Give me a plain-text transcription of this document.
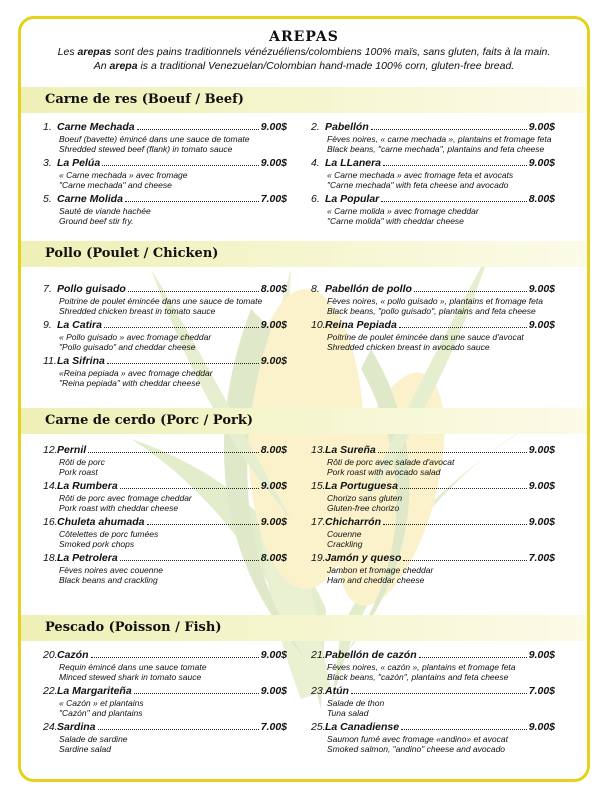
AREPAS
Les arepas sont des pains traditionnels vénézuéliens/colombiens 100% maïs, sans gluten, faits à la main.
An arepa is a traditional Venezuelan/Colombian hand-made 100% corn, gluten-free bread.
Carne de res (Boeuf / Beef)
1. Carne Mechada	9.00$
Boeuf (bavette) émincé dans une sauce de tomate
Shredded stewed beef (flank) in tomato sauce
2. Pabellón	9.00$
Fèves noires, « carne mechada », plantains et fromage feta
Black beans, "carne mechada", plantains and feta cheese
3. La Pelúa	9.00$
« Carne mechada » avec fromage
"Carne mechada" and cheese
4. La LLanera	9.00$
« Carne mechada » avec fromage feta et avocats
"Carne mechada" with feta cheese and avocado
5. Carne Molida	7.00$
Sauté de viande hachée
Ground beef stir fry.
6. La Popular	8.00$
« Carne molida » avec fromage cheddar
"Carne molida" with cheddar cheese
Pollo (Poulet / Chicken)
7. Pollo guisado	8.00$
Poitrine de poulet émincée dans une sauce de tomate
Shredded chicken breast in tomato sauce
8. Pabellón de pollo	9.00$
Fèves noires, « pollo guisado », plantains et fromage feta
Black beans, "pollo guisado", plantains and feta cheese
9. La Catira	9.00$
« Pollo guisado » avec fromage cheddar
"Pollo guisado" and cheddar cheese
10. Reina Pepiada	9.00$
Poitrine de poulet émincée dans une sauce d'avocat
Shredded chicken breast in avocado sauce
11. La Sifrina	9.00$
«Reina pepiada » avec fromage cheddar
"Reina pepiada" with cheddar cheese
Carne de cerdo (Porc / Pork)
12. Pernil	8.00$
Rôti de porc
Pork roast
13. La Sureña	9.00$
Rôti de porc avec salade d'avocat
Pork roast with avocado salad
14. La Rumbera	9.00$
Rôti de porc avec fromage cheddar
Pork roast with cheddar cheese
15. La Portuguesa	9.00$
Chorizo sans gluten
Gluten-free chorizo
16. Chuleta ahumada	9.00$
Côtelettes de porc fumées
Smoked pork chops
17. Chicharrón	9.00$
Couenne
Crackling
18. La Petrolera	8.00$
Fèves noires avec couenne
Black beans and crackling
19. Jamón y queso	7.00$
Jambon et fromage cheddar
Ham and cheddar cheese
Pescado (Poisson / Fish)
20. Cazón	9.00$
Requin émincé dans une sauce tomate
Minced stewed shark in tomato sauce
21. Pabellón de cazón	9.00$
Fèves noires, « cazón », plantains et fromage feta
Black beans, "cazón", plantains and feta cheese
22. La Margariteña	9.00$
« Cazón » et plantains
"Cazón" and plantains
23. Atún	7.00$
Salade de thon
Tuna salad
24. Sardina	7.00$
Salade de sardine
Sardine salad
25. La Canadiense	9.00$
Saumon fumé avec fromage «andino» et avocat
Smoked salmon, "andino" cheese and avocado
